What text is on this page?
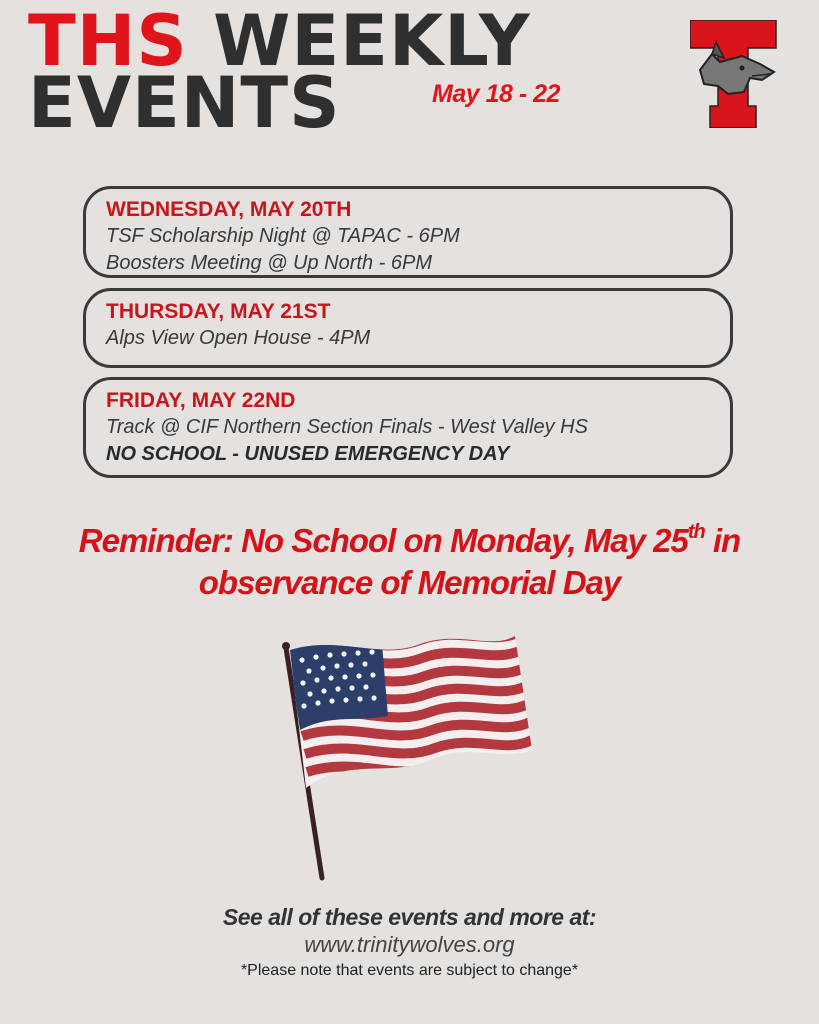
THS WEEKLY
EVENTS	May 18 - 22
WEDNESDAY, MAY 20TH

TSF Scholarship Night @ TAPAC - 6PM

Boosters Meeting @ Up North - 6PM

THURSDAY, MAY 21ST

Alps View Open House - 4PM

FRIDAY, MAY 22ND

Track @ CIF Northern Section Finals - West Valley HS

NO SCHOOL - UNUSED EMERGENCY DAY

Reminder: No School on Monday, May 25th in
observance of Memorial Day

See all of these events and more at:

www.trinitywolves.org

*Please note that events are subject to change*
